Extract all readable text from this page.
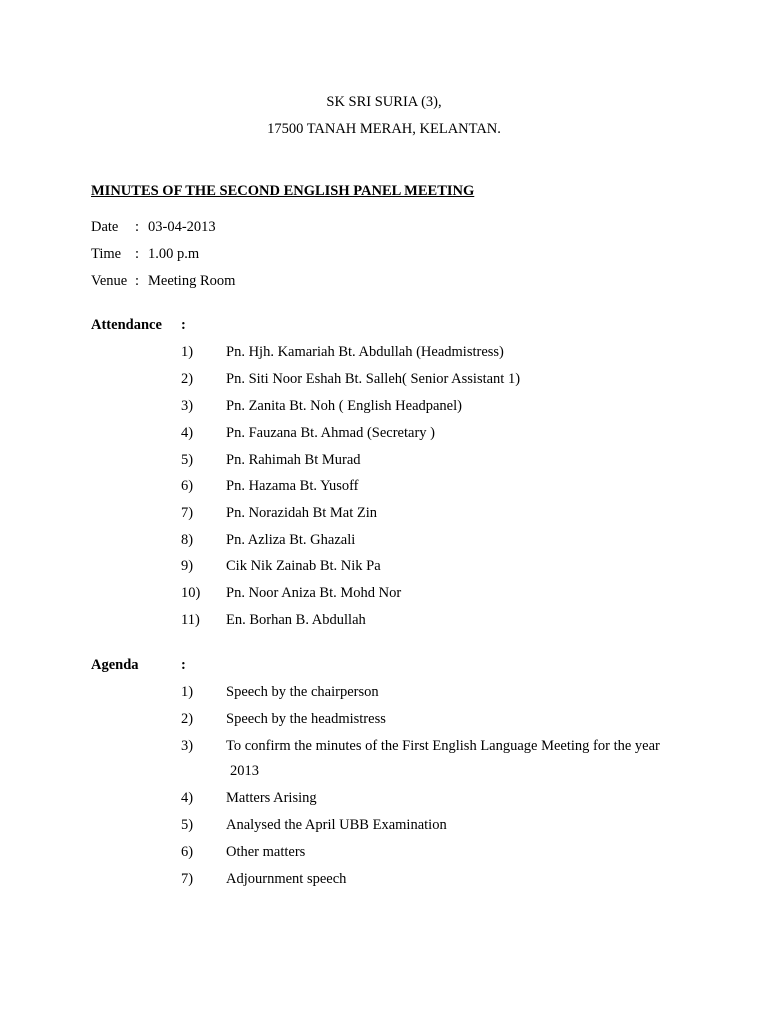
SK SRI SURIA (3),
17500 TANAH MERAH, KELANTAN.
MINUTES OF THE SECOND ENGLISH PANEL MEETING
Date : 03-04-2013
Time : 1.00 p.m
Venue : Meeting Room
Attendance :
1) Pn. Hjh. Kamariah Bt. Abdullah (Headmistress)
2) Pn. Siti Noor Eshah Bt. Salleh( Senior Assistant 1)
3) Pn. Zanita Bt. Noh ( English Headpanel)
4) Pn. Fauzana Bt. Ahmad (Secretary )
5) Pn. Rahimah Bt Murad
6) Pn. Hazama Bt. Yusoff
7) Pn. Norazidah Bt Mat Zin
8) Pn. Azliza Bt. Ghazali
9) Cik Nik Zainab Bt. Nik Pa
10) Pn. Noor Aniza Bt. Mohd Nor
11) En. Borhan B. Abdullah
Agenda	:
1) Speech by the chairperson
2) Speech by the headmistress
3) To confirm the minutes of the First English Language Meeting for the year
2013
4) Matters Arising
5) Analysed the April UBB Examination
6) Other matters
7) Adjournment speech
